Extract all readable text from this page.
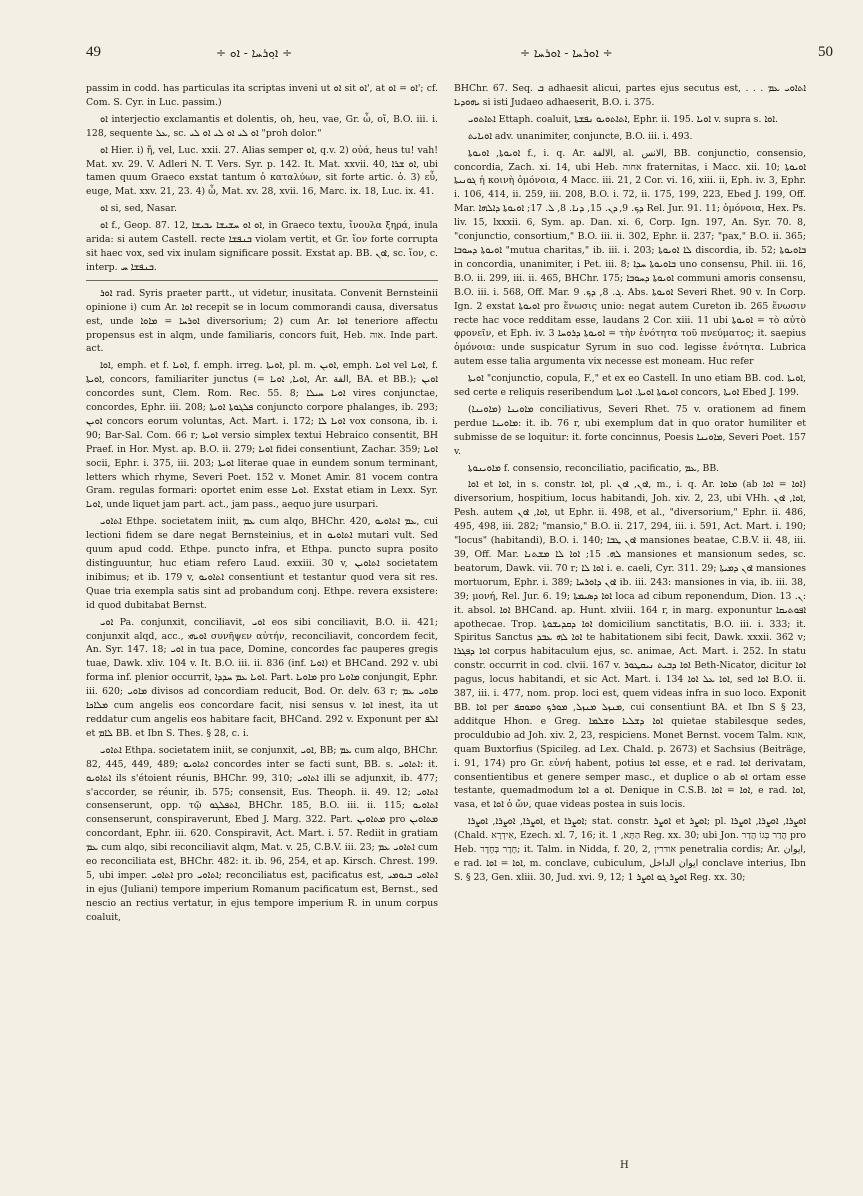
49	÷ ܐܘ݂ܪܚܐ - ܐܘ ÷	÷ ܐܘܪܚܐ - ܐܘܪܚܐ ÷	50

passim in codd. has particulas ita scriptas inveni ut ܐܘ sit ܐܘ', at ܐܘ = ܐܘ'; cf. Com. S. Cyr. in Luc. passim.)

ܐܘ interjectio exclamantis et dolentis, oh, heu, vae, Gr. ὦ, οἴ, B.O. iii. i. 128, sequente ܥܠ, sc. ܐܘ ܠܝ ܐܘ ܠܝ ܐܘ ܠܝ "proh dolor."

ܐܘ Hier. i) ἤ, vel, Luc. xxii. 27. Alias semper ܐܘ, q.v. 2) οὐά, heus tu! vah! Mat. xv. 29. V. Adleri N. T. Vers. Syr. p. 142. It. Mat. xxvii. 40, ܐܘ ܫܪܐ, ubi tamen quum Graeco exstat tantum ὁ καταλύων, sit forte artic. ὁ. 3) εὖ, euge, Mat. xxv. 21, 23. 4) ὦ, Mat. xv. 28, xvii. 16, Marc. ix. 18, Luc. ix. 41.

ܐܘ si, sed, Nasar.

ܐܘ f., Geop. 87. 12, ܐܘ ܐܘ ܚܫܝܫܐ ܝܒܝܫܐ, in Graeco textu, ἴνουλα ξηρά, inula arida: si autem Castell. recte ܒܢܦܫܐ violam vertit, et Gr. ἴον forte corrupta sit haec vox, sed vix inulam significare possit. Exstat ap. BB. ܐܘܢ, sc. ἴον, c. interp. ܒܢܦܫܐ ܚ.

ܐܘܪ rad. Syris praeter partt., ut videtur, inusitata. Convenit Bernsteinii opinione i) cum Ar. ܐܘܐ recepit se in locum commorandi causa, diversatus est, unde ܐܘܪܚܐ = ܡܐܘܐ diversorium; 2) cum Ar. ܐܘܐ teneriore affectu propensus est in alqm, unde familiaris, concors fuit, Heb. אוה. Inde part. act.

ܐܘܐ, emph. et f. ܐܘܝܐ, f. emph. irreg. ܐܘܝܬܐ, pl. m. ܐܘܝܢ, emph. ܐܘܝܐ vel ܐܘܝܐ, f. ܐܘܝܬܐ, concors, familiariter junctus (= ܐܘܝܐ, ܐܘܝܐ, Ar. الفة, BA. et BB.); ܐܘܝܢ concordes sunt, Clem. Rom. Rec. 55. 8; ܐܘܝܐ ܚܝܠܐ vires conjunctae, concordes, Ephr. iii. 208; ܦܠܓܘܬܐ ܐܘܝܬܐ conjuncto corpore phalanges, ib. 293; ܐܘܝܢ concors eorum voluntas, Act. Mart. i. 172; ܐܘܝܐ ܠܐ vox consona, ib. i. 90; Bar-Sal. Com. 66 r; ܐܘܝܬܐ versio simplex textui Hebraico consentit, BH Praef. in Hor. Myst. ap. B.O. ii. 279; ܐܘܝܐ fidei consentiunt, Zachar. 359; ܐܘܝܐ socii, Ephr. i. 375, iii. 203; ܐܘܝܬܐ literae quae in eundem sonum terminant, letters which rhyme, Severi Poet. 152 v. Monet Amir. 81 vocem contra Gram. regulas formari: oportet enim esse ܐܘܝܐ. Exstat etiam in Lexx. Syr. ܐܘܝܐ, unde liquet jam part. act., jam pass., aequo jure usurpari.

ܐܬܐܘܝ Ethpe. societatem iniit, ܥܡ cum alqo, BHChr. 420, ܥܡ ܐܬܐܘܝܘ, cui lectioni fidem se dare negat Bernsteinius, et in ܐܬܐܘܝܘ mutari vult. Sed quum apud codd. Ethpe. puncto infra, et Ethpa. puncto supra posito distinguuntur, huc etiam refero Laud. exxiii. 30 v, ܐܬܐܘܝܢ societatem inibimus; et ib. 179 v, ܐܬܐܘܝܘ consentiunt et testantur quod vera sit res. Quae tria exempla satis sint ad probandum conj. Ethpe. revera exsistere: id quod dubitabat Bernst.

ܐܘܝ Pa. conjunxit, conciliavit, ܐܘܝ eos sibi conciliavit, B.O. ii. 421; conjunxit alqd, acc., ܐܘܝܗܝ συνῆψεν αὐτήν, reconciliavit, concordem fecit, An. Syr. 147. 18; ܐܘܝ in tua pace, Domine, concordes fac pauperes gregis tuae, Dawk. xliv. 104 v. It. B.O. iii. ii. 836 (inf. ܐܘܝܐ) et BHCand. 292 v. ubi forma inf. plenior occurrit, ܐܘܝܐ ܥܡ ܚܕܕܐ. Part. ܡܐܘܝܐ pro ܡܐܘܝܐ conjungit, Ephr. iii. 620; ܡܐܘܝ divisos ad concordiam reducit, Bod. Or. delv. 63 r; ܡܐܘܝ ܥܡ ܡܠܐܟܐ cum angelis eos concordare facit, nisi sensus v. ܐܘܐ inest, ita ut reddatur cum angelis eos habitare facit, BHCand. 292 v. Exponunt per ܐܠܦ et ܠܐܡ BB. et Ibn S. Thes. § 28, c. i.

ܐܬܐܘܝ Ethpa. societatem iniit, se conjunxit, ܐܘܝ, BB; ܥܡ cum alqo, BHChr. 82, 445, 449, 489; ܐܬܐܘܝܘ concordes inter se facti sunt, BB. s. ܐܬܐܘܝ: it. ܐܬܐܘܝܘ ils s'étoient réunis, BHChr. 99, 310; ܐܬܐܘܝ illi se adjunxit, ib. 477; s'accorder, se réunir, ib. 575; consensit, Eus. Theoph. ii. 49. 12; ܐܬܐܘܝ consenserunt, opp. τῷ ܐܬܦܠܓܘ, BHChr. 185, B.O. iii. ii. 115; ܐܬܐܘܝܘ consenserunt, conspiraverunt, Ebed J. Marg. 322. Part. ܡܬܐܘܝܢ pro ܡܬܐܘܝܢ concordant, Ephr. iii. 620. Conspiravit, Act. Mart. i. 57. Rediit in gratiam ܥܡ cum alqo, sibi reconciliavit alqm, Mat. v. 25, C.B.V. iii. 23; ܐܬܐܘܝ ܥܡ cum eo reconciliata est, BHChr. 482: it. ib. 96, 254, et ap. Kirsch. Chrest. 199. 5, ubi imper. ܐܬܐܘܝ pro ܐܬܐܘܝ; reconciliatus est, pacificatus est, ܐܬܐܘܝ ܒܝܘܡܝ in ejus (Juliani) tempore imperium Romanum pacificatum est, Bernst., sed nescio an rectius vertatur, in ejus tempore imperium R. in unum corpus coaluit,

BHChr. 67. Seq. ܒ adhaesit alicui, partes ejus secutus est, . . . ܐܬܐܘܝ ܥܡ ܝܗܘܕܝܐ si isti Judaeo adhaeserit, B.O. i. 375.

ܐܬܐܬܘܝ Ettaph. coaluit, ܐܬܐܬܘܝܘ ܢܦܫܬܐ, Ephr. ii. 195. ܐܘܝܐ v. supra s. ܐܘܐ.

ܐܘܝܐܝܬ adv. unanimiter, conjuncte, B.O. iii. i. 493.

ܐܘܝܘܬܐ, ܐܘܝܘܬܐ f., i. q. Ar. الالفة, al. الانس, BB. conjunctio, consensio, concordia, Zach. xi. 14, ubi Heb. אחוה fraternitas, i Macc. xii. 10; ܐܘܝܘܬܐ ܓܘܢܝܬܐ ἡ κοινὴ ὁμόνοια, 4 Macc. iii. 21, 2 Cor. vi. 16, xiii. ii, Eph. iv. 3, Ephr. i. 106, 414, ii. 259, iii. 208, B.O. i. 72, ii. 175, 199, 223, Ebed J. 199, Off. Mar. ܕܟ. 9, ܕܢ. 15, ܕܢܐ. 8, ܠ. 17; ܐܘܝܘܬܐ ܕܐܠܗܐ Rel. Jur. 91. 11; ὁμόνοια, Hex. Ps. liv. 15, lxxxii. 6, Sym. ap. Dan. xi. 6, Corp. Ign. 197, An. Syr. 70. 8, "conjunctio, consortium," B.O. iii. ii. 302, Ephr. ii. 237; "pax," B.O. ii. 365; ܐܘܝܘܬܐ ܕܚܘܒܐ "mutua charitas," ib. iii. i. 203; ܠܐ ܐܘܝܘܬܐ discordia, ib. 52; ܒܐܘܝܘܬܐ in concordia, unanimiter, i Pet. iii. 8; ܒܐܘܝܘܬܐ ܚܕܐ uno consensu, Phil. iii. 16, B.O. ii. 299, iii. ii. 465, BHChr. 175; ܐܘܝܘܬܐ ܕܚܘܒܐ communi amoris consensu, B.O. iii. i. 568, Off. Mar. ܓ. 8, ܕܟ. 9. Abs. ܐܘܝܘܬܐ Severi Rhet. 90 v. In Corp. Ign. 2 exstat ܐܘܝܘܬܐ pro ἕνωσις unio: negat autem Cureton ib. 265 ἕνωσιν recte hac voce redditam esse, laudans 2 Cor. xiii. 11 ubi ܐܘܝܘܬܐ = τὸ αὐτὸ φρονεῖν, et Eph. iv. 3 ܐܘܝܘܬܐ ܕܪܘܚܐ = τὴν ἑνότητα τοῦ πνεύματος; it. saepius ὁμόνοια: unde suspicatur Syrum in suo cod. legisse ἑνότητα. Lubrica autem esse talia argumenta vix necesse est moneam. Huc refer

ܐܘܝܬܐ "conjunctio, copula, F.," et ex eo Castell. In uno etiam BB. cod. ܐܘܝܬܐ, sed certe e reliquis reseribendum ܐܘܝܘܬܐ ܐܘܝܬܐ. ܐܘܝܬܐ concors, ܐܘܝܬܐ Ebed J. 199.

ܡܐܘܝܢܐ (ܡܐܘܝܢܐ) conciliativus, Severi Rhet. 75 v. orationem ad finem perdue ܡܐܘܝܢܐ: it. ib. 76 r, ubi exemplum dat in quo orator humiliter et submisse de se loquitur: it. forte concinnus, Poesis ܡܐܘܝܢܐ, Severi Poet. 157 v.

ܡܐܘܝܢܘܬܐ f. consensio, reconciliatio, pacificatio, ܥܡ, BB.

ܐܘܐ et ܐܘܐ, in s. constr. ܐܘܐ, pl. ܐܘܢ, ܐܘܢ, m., i. q. Ar. ܡܐܘܐ (ab ܐܘܐ = ܐܘܐ) diversorium, hospitium, locus habitandi, Joh. xiv. 2, 23, ubi VHh. ܐܘܐ, ܐܘܢ, Pesh. autem ܐܘܐ, ܐܘܢ, ut Ephr. ii. 498, et al., "diversorium," Ephr. ii. 486, 495, 498, iii. 282; "mansio," B.O. ii. 217, 294, iii. i. 591, Act. Mart. i. 190; "locus" (habitandi), B.O. i. 140; ܐܘܢ ܛܒܐ mansiones beatae, C.B.V. ii. 48, iii. 39, Off. Mar. ܠܗ. 15; ܐܘܐ ܠܐ ܡܫܬܢܐ mansiones et mansionum sedes, sc. beatorum, Dawk. vii. 70 r; ܐܘܐ ܠܐ i. e. caeli, Cyr. 311. 29; ܐܘܢ ܕܡܝܬܐ mansiones mortuorum, Ephr. i. 389; ܐܘܢ ܕܐܘܪܚܐ ib. iii. 243: mansiones in via, ib. iii. 38, 39; μονή, Rel. Jur. 6. 19; ܐܘܐ ܕܣܝܡܬܐ loca ad cibum reponendum, Dion. ܢ. 13: it. absol. ܐܘܐ BHCand. ap. Hunt. xlviii. 164 r, in marg. exponuntur ܐܦܘܬܝܩܐ apothecae. Trop. ܐܘܐ ܕܩܕܝܫܘܬܐ domicilium sanctitatis, B.O. iii. i. 333; it. Spiritus Sanctus ܐܘܐ ܠܗ ܥܒܕ te habitationem sibi fecit, Dawk. xxxii. 362 v; ܐܘܐ ܕܦܓܪܐ corpus habitaculum ejus, sc. animae, Act. Mart. i. 252. In statu constr. occurrit in cod. clvii. 167 v. ܐܘܐ ܕܒܝܬ ܢܝܩܛܘܪ Beth-Nicator, dicitur ܐܘܐ pagus, locus habitandi, et sic Act. Mart. i. 134 ܐܘܐ ܥܠ ܐܘܐ, sed ܐܘܐ B.O. ii. 387, iii. i. 477, nom. prop. loci est, quem videas infra in suo loco. Exponit BB. ܐܘܐ per ܡܢܙܠ ܡܢܙܠ, ܡܘܪܟ ܘܡܘܩܦ, cui consentiunt BA. et Ibn S § 23, additque Hhon. e Greg. ܐܘܐ ܕܫܠܝܐ ܘܫܠܡܐ quietae stabilesque sedes, proculdubio ad Joh. xiv. 2, 23, respiciens. Monet Bernst. vocem Talm. אונא, quam Buxtorfius (Spicileg. ad Lex. Chald. p. 2673) et Sachsius (Beiträge, i. 91, 174) pro Gr. εὐνή habent, potius ܐܘܐ esse, et e rad. ܐܘܐ derivatam, consentientibus et genere semper masc., et duplice o ab ܐܘ ortam esse testante, quemadmodum ܐܘܐ a ܐܘ. Denique in C.S.B. ܐܘܐ = ܐܘܐ, e rad. ܐܘܐ, vasa, et ܐܘܐ ὁ ὤν, quae videas postea in suis locis.

ܐܘܨܪܐ, ܐܘܨܪܐ, ܐܘܨܪܐ, et ܐܘܨܪܐ; stat. constr. ܐܘܨܪ et ܐܘܨܪ; pl. ܐܘܨܪܐ, ܐܘܨܪܐ, ܐܘܨܪܐ (Chald. אִידְרָא, Ezech. xl. 7, 16; it. הַתָּא, 1 Reg. xx. 30; ubi Jon. הֲדַר בְּגוֹ הֲדַר pro Heb. חֶדֶר בְּחֶדֶר; it. Talm. in Nidda, f. 20, 2, אודרין penetralia cordis; Ar. ايوان, e rad. ܐܘܐ = ܐܘܐ, m. conclave, cubiculum, ايوان الداخل conclave interius, Ibn S. § 23, Gen. xliii. 30, Jud. xvi. 9, 12; ܐܘܨܪ ܓܘ ܐܘܨܪ 1 Reg. xx. 30;

H
